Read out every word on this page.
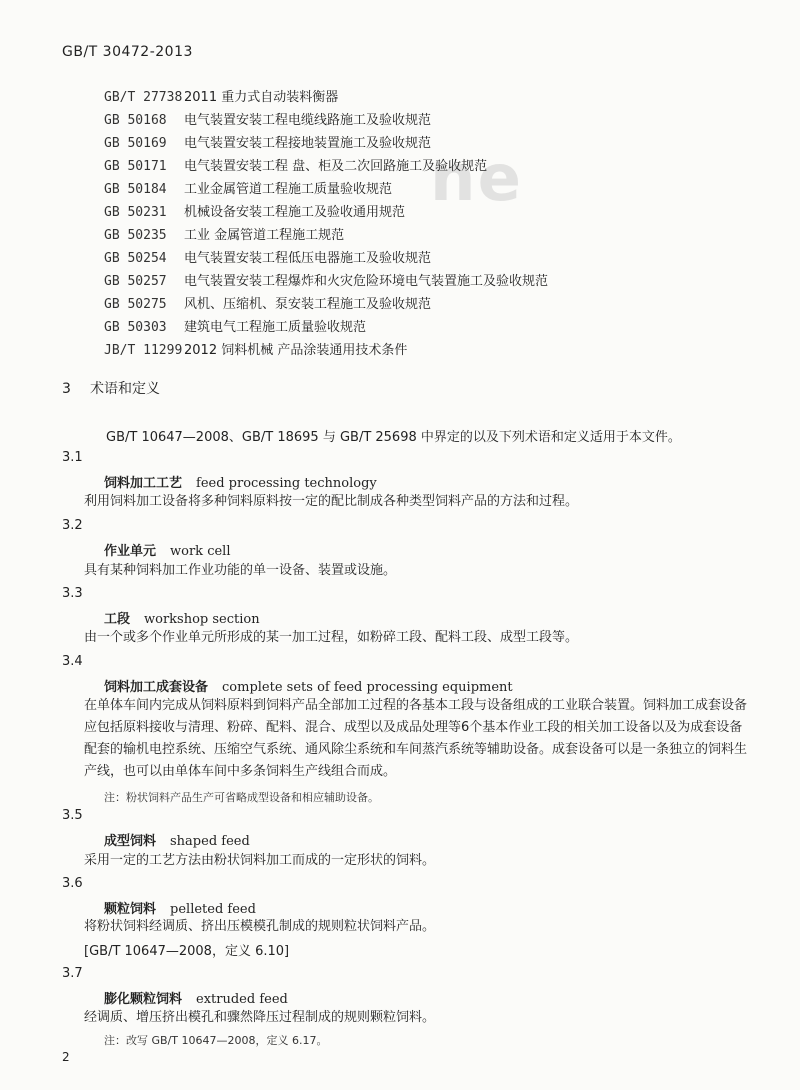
GB/T 30472-2013
ne
GB/T 27738 2011 重力式自动装料衡器
GB 50168	电气装置安装工程电缆线路施工及验收规范
GB 50169	电气装置安装工程接地装置施工及验收规范
GB 50171	电气装置安装工程 盘、柜及二次回路施工及验收规范
GB 50184	工业金属管道工程施工质量验收规范
GB 50231	机械设备安装工程施工及验收通用规范
GB 50235	工业 金属管道工程施工规范
GB 50254	电气装置安装工程低压电器施工及验收规范
GB 50257	电气装置安装工程爆炸和火灾危险环境电气装置施工及验收规范
GB 50275	风机、压缩机、泵安装工程施工及验收规范
GB 50303	建筑电气工程施工质量验收规范
JB/T 11299 2012 饲料机械 产品涂装通用技术条件
3 术语和定义
GB/T 10647—2008、GB/T 18695 与 GB/T 25698 中界定的以及下列术语和定义适用于本文件。
3.1
饲料加工工艺 feed processing technology
利用饲料加工设备将多种饲料原料按一定的配比制成各种类型饲料产品的方法和过程。
3.2
作业单元 work cell
具有某种饲料加工作业功能的单一设备、装置或设施。
3.3
工段 workshop section
由一个或多个作业单元所形成的某一加工过程，如粉碎工段、配料工段、成型工段等。
3.4
饲料加工成套设备 complete sets of feed processing equipment
在单体车间内完成从饲料原料到饲料产品全部加工过程的各基本工段与设备组成的工业联合装置。饲料加工成套设备应包括原料接收与清理、粉碎、配料、混合、成型以及成品处理等6个基本作业工段的相关加工设备以及为成套设备配套的输机电控系统、压缩空气系统、通风除尘系统和车间蒸汽系统等辅助设备。成套设备可以是一条独立的饲料生产线，也可以由单体车间中多条饲料生产线组合而成。
注：粉状饲料产品生产可省略成型设备和相应辅助设备。
3.5
成型饲料 shaped feed
采用一定的工艺方法由粉状饲料加工而成的一定形状的饲料。
3.6
颗粒饲料 pelleted feed
将粉状饲料经调质、挤出压模模孔制成的规则粒状饲料产品。
[GB/T 10647—2008，定义 6.10]
3.7
膨化颗粒饲料 extruded feed
经调质、增压挤出模孔和骤然降压过程制成的规则颗粒饲料。
注：改写 GB/T 10647—2008，定义 6.17。
2
